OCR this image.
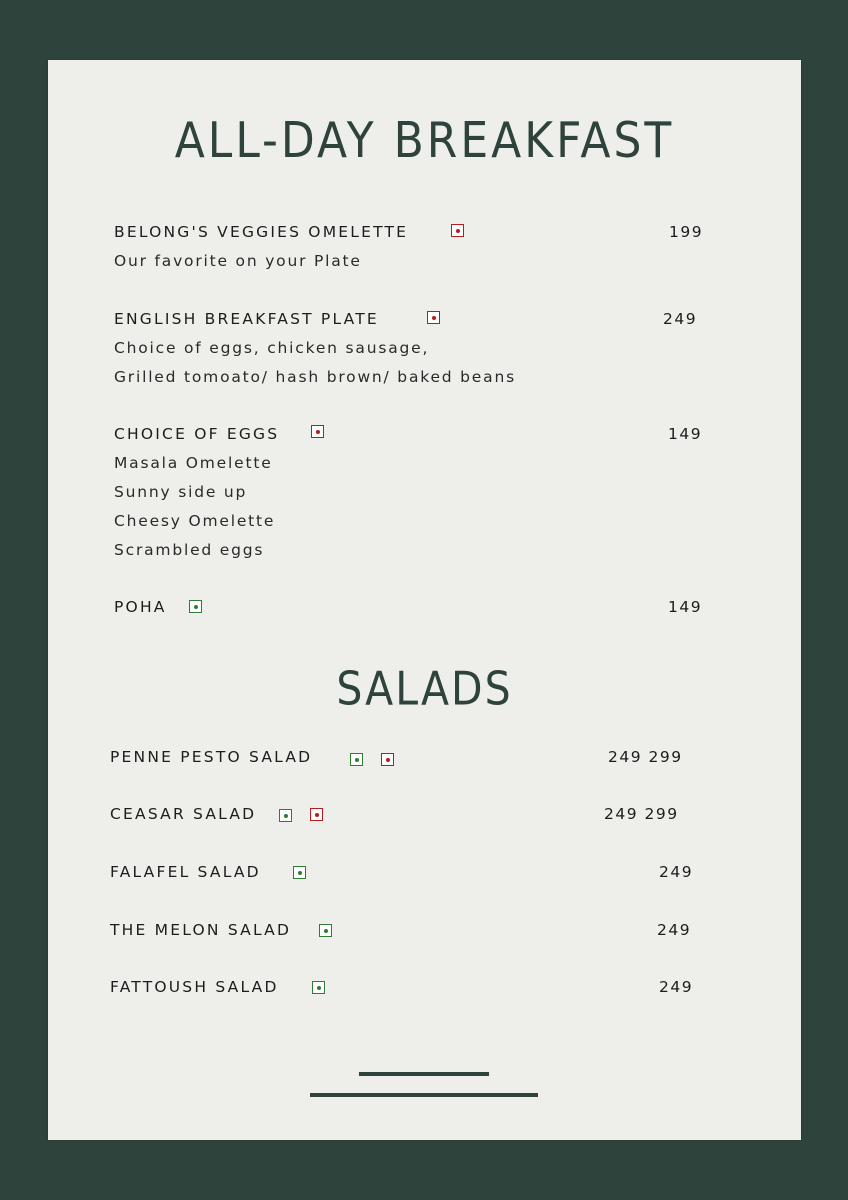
ALL-DAY BREAKFAST
BELONG'S VEGGIES OMELETTE	199
Our favorite on your Plate
ENGLISH BREAKFAST PLATE	249
Choice of eggs, chicken sausage,
Grilled tomoato/ hash brown/ baked beans
CHOICE OF EGGS	149
Masala Omelette
Sunny side up
Cheesy Omelette
Scrambled eggs
POHA	149
SALADS
PENNE PESTO SALAD	249 299
CEASAR SALAD	249 299
FALAFEL SALAD	249
THE MELON SALAD	249
FATTOUSH SALAD	249
